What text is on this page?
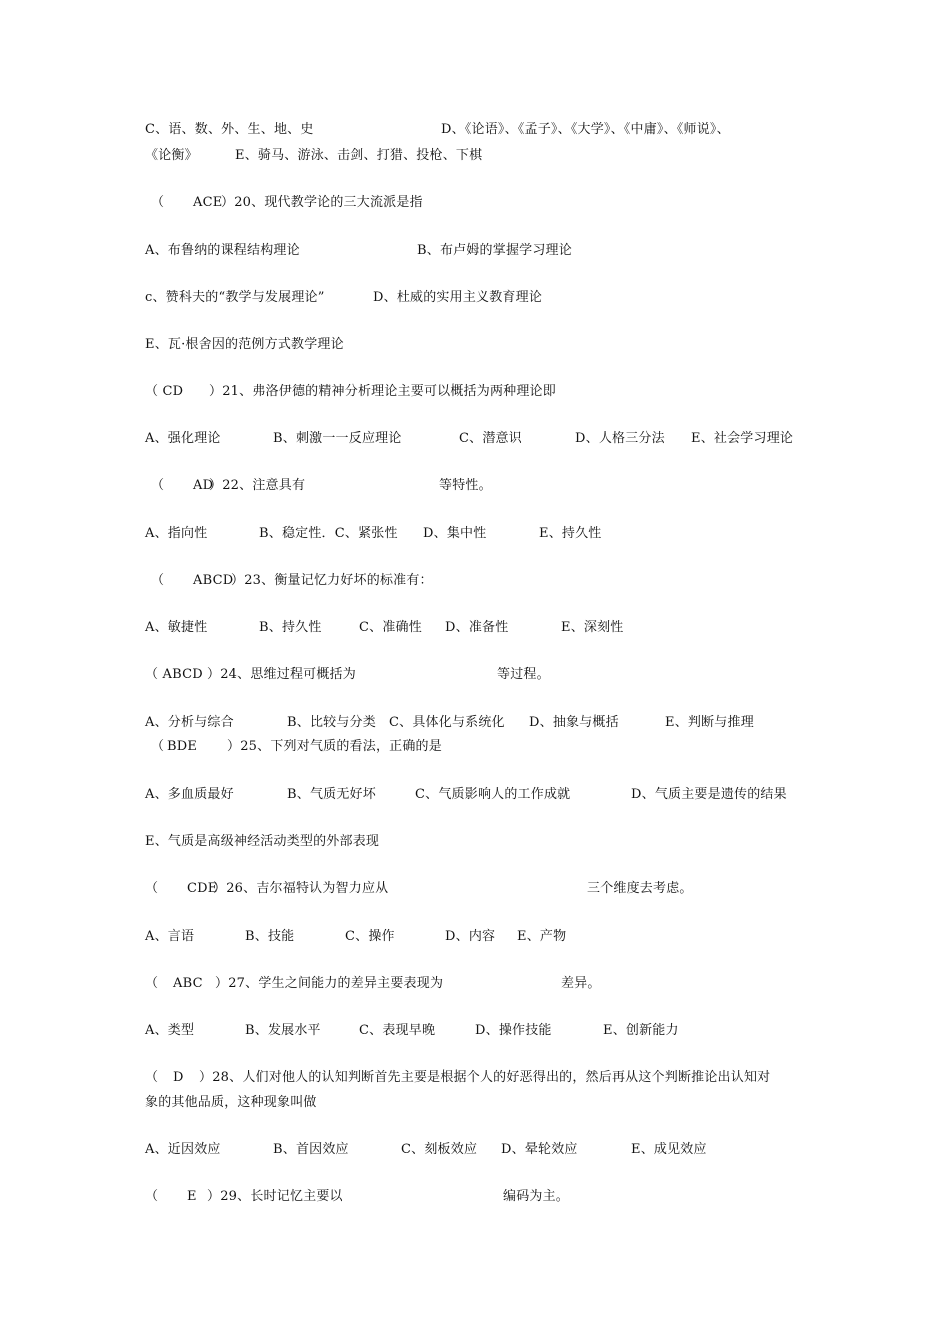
C、语、数、外、生、地、史

	D、《论语》、《孟子》、《大学》、《中庸》、《师说》、

《论衡》

	E、骑马、游泳、击剑、打猎、投枪、下棋

（

ACE

）20、现代教学论的三大流派是指

A、布鲁纳的课程结构理论

	B、布卢姆的掌握学习理论

c、赞科夫的“教学与发展理论”

	D、杜威的实用主义教育理论

E、瓦·根舍因的范例方式教学理论

（ CD

）21、弗洛伊德的精神分析理论主要可以概括为两种理论即

A、强化理论

	B、刺激一一反应理论

	C、潜意识

	D、人格三分法

E、社会学习理论

（

AD

）22、注意具有

	等特性。

A、指向性

	B、稳定性．C、紧张性

D、集中性

	E、持久性

（

ABCD

）23、衡量记忆力好坏的标准有：

A、敏捷性

	B、持久性

	C、准确性

D、准备性

	E、深刻性

（ ABCD

）24、思维过程可概括为

	等过程。

A、分析与综合

	B、比较与分类

C、具体化与系统化

D、抽象与概括

	E、判断与推理

（

BDE

）25、下列对气质的看法，正确的是

A、多血质最好

	B、气质无好坏

	C、气质影响人的工作成就

	D、气质主要是遗传的结果

E、气质是高级神经活动类型的外部表现

（

CDE

）26、吉尔福特认为智力应从

	三个维度去考虑。

A、言语

	B、技能

	C、操作

	D、内容

E、产物

（

ABC

）27、学生之间能力的差异主要表现为

	差异。

A、类型

	B、发展水平

	C、表现早晚

	D、操作技能

	E、创新能力

（

D

）28、人们对他人的认知判断首先主要是根据个人的好恶得出的，然后再从这个判断推论出认知对

象的其他品质，这种现象叫做

A、近因效应

	B、首因效应

	C、刻板效应

D、晕轮效应

	E、成见效应

（

E

）29、长时记忆主要以

	编码为主。
